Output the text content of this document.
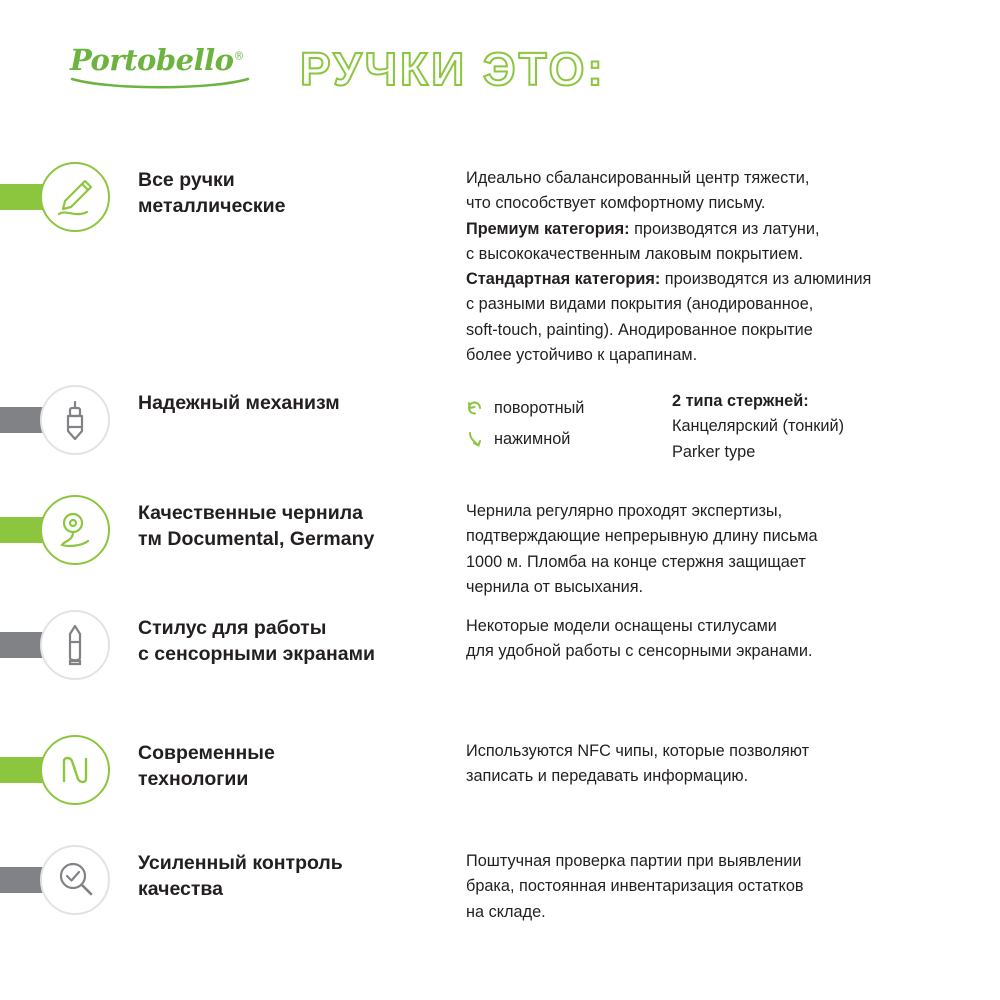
Portobello®	РУЧКИ ЭТО:
Все ручки
металлические
Идеально сбалансированный центр тяжести,
что способствует комфортному письму.
Премиум категория: производятся из латуни,
с высококачественным лаковым покрытием.
Стандартная категория: производятся из алюминия
с разными видами покрытия (анодированное,
soft-touch, painting). Анодированное покрытие
более устойчиво к царапинам.
Надежный механизм	поворотный
нажимной
2 типа стержней:
Канцелярский (тонкий)
Parker type
Качественные чернила
тм Documental, Germany
Чернила регулярно проходят экспертизы,
подтверждающие непрерывную длину письма
1000 м. Пломба на конце стержня защищает
чернила от высыхания.
Стилус для работы
с сенсорными экранами
Некоторые модели оснащены стилусами
для удобной работы с сенсорными экранами.
Современные
технологии
Используются NFC чипы, которые позволяют
записать и передавать информацию.
Усиленный контроль
качества
Поштучная проверка партии при выявлении
брака, постоянная инвентаризация остатков
на складе.
